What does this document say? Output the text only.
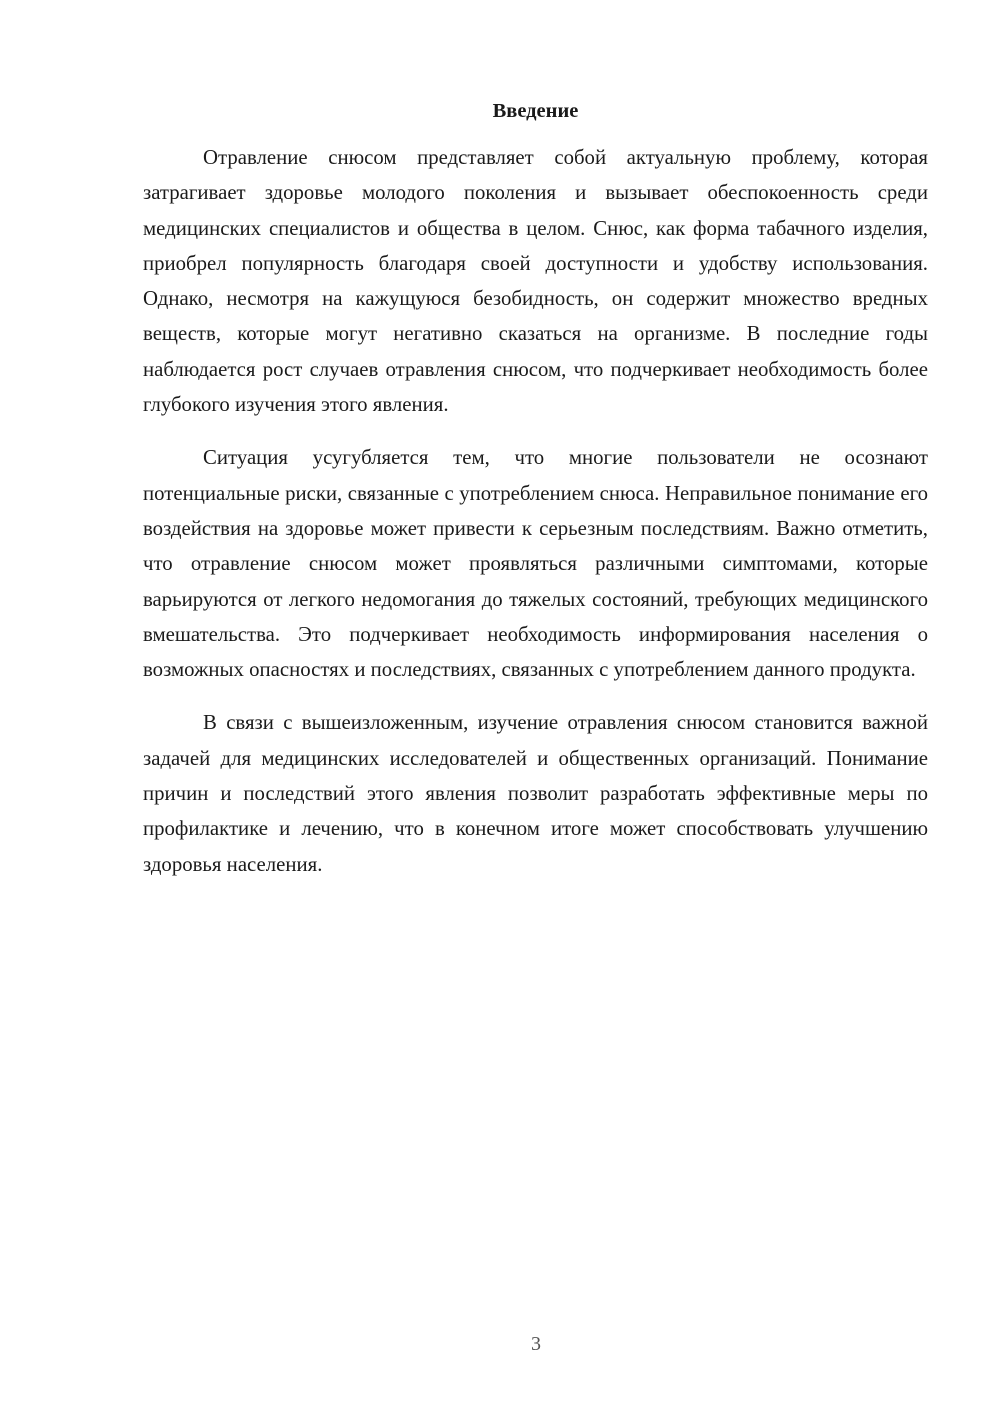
Введение

Отравление снюсом представляет собой актуальную проблему, которая затрагивает здоровье молодого поколения и вызывает обеспокоенность среди медицинских специалистов и общества в целом. Снюс, как форма табачного изделия, приобрел популярность благодаря своей доступности и удобству использования. Однако, несмотря на кажущуюся безобидность, он содержит множество вредных веществ, которые могут негативно сказаться на организме. В последние годы наблюдается рост случаев отравления снюсом, что подчеркивает необходимость более глубокого изучения этого явления.

Ситуация усугубляется тем, что многие пользователи не осознают потенциальные риски, связанные с употреблением снюса. Неправильное понимание его воздействия на здоровье может привести к серьезным последствиям. Важно отметить, что отравление снюсом может проявляться различными симптомами, которые варьируются от легкого недомогания до тяжелых состояний, требующих медицинского вмешательства. Это подчеркивает необходимость информирования населения о возможных опасностях и последствиях, связанных с употреблением данного продукта.

В связи с вышеизложенным, изучение отравления снюсом становится важной задачей для медицинских исследователей и общественных организаций. Понимание причин и последствий этого явления позволит разработать эффективные меры по профилактике и лечению, что в конечном итоге может способствовать улучшению здоровья населения.

3
